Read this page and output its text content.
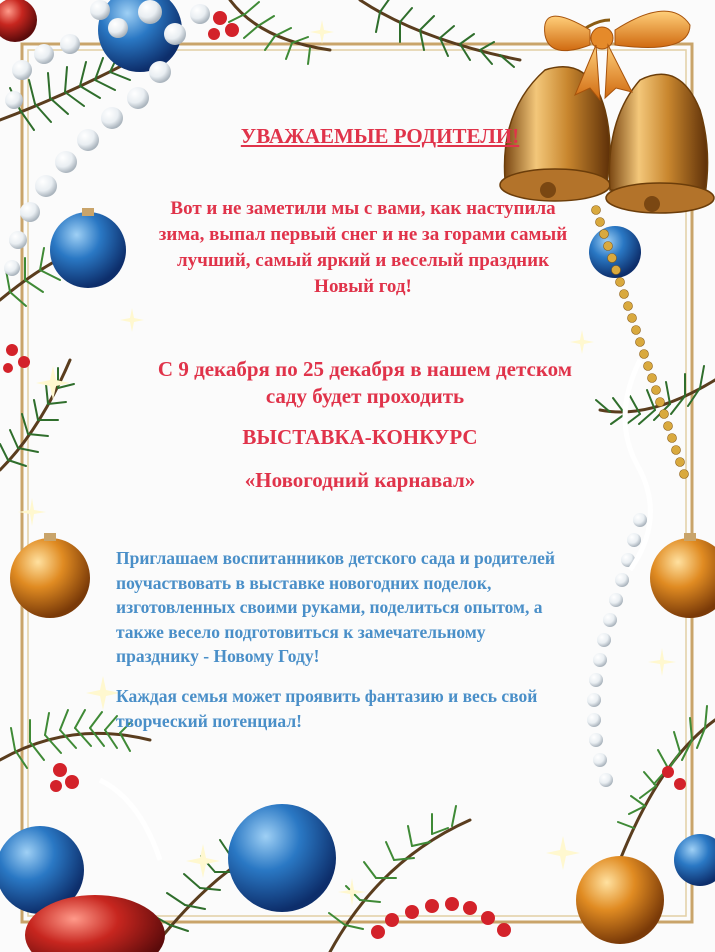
УВАЖАЕМЫЕ РОДИТЕЛИ!

Вот и не заметили мы с вами, как наступила
зима, выпал первый снег и не за горами самый
лучший, самый яркий и веселый праздник
Новый год!

С 9 декабря по 25 декабря в нашем детском
саду будет проходить

ВЫСТАВКА-КОНКУРС

«Новогодний карнавал»

Приглашаем воспитанников детского сада и родителей
поучаствовать в выставке новогодних поделок,
изготовленных своими руками, поделиться опытом, а
также весело подготовиться к замечательному
празднику - Новому Году!

Каждая семья может проявить фантазию и весь свой
творческий потенциал!
